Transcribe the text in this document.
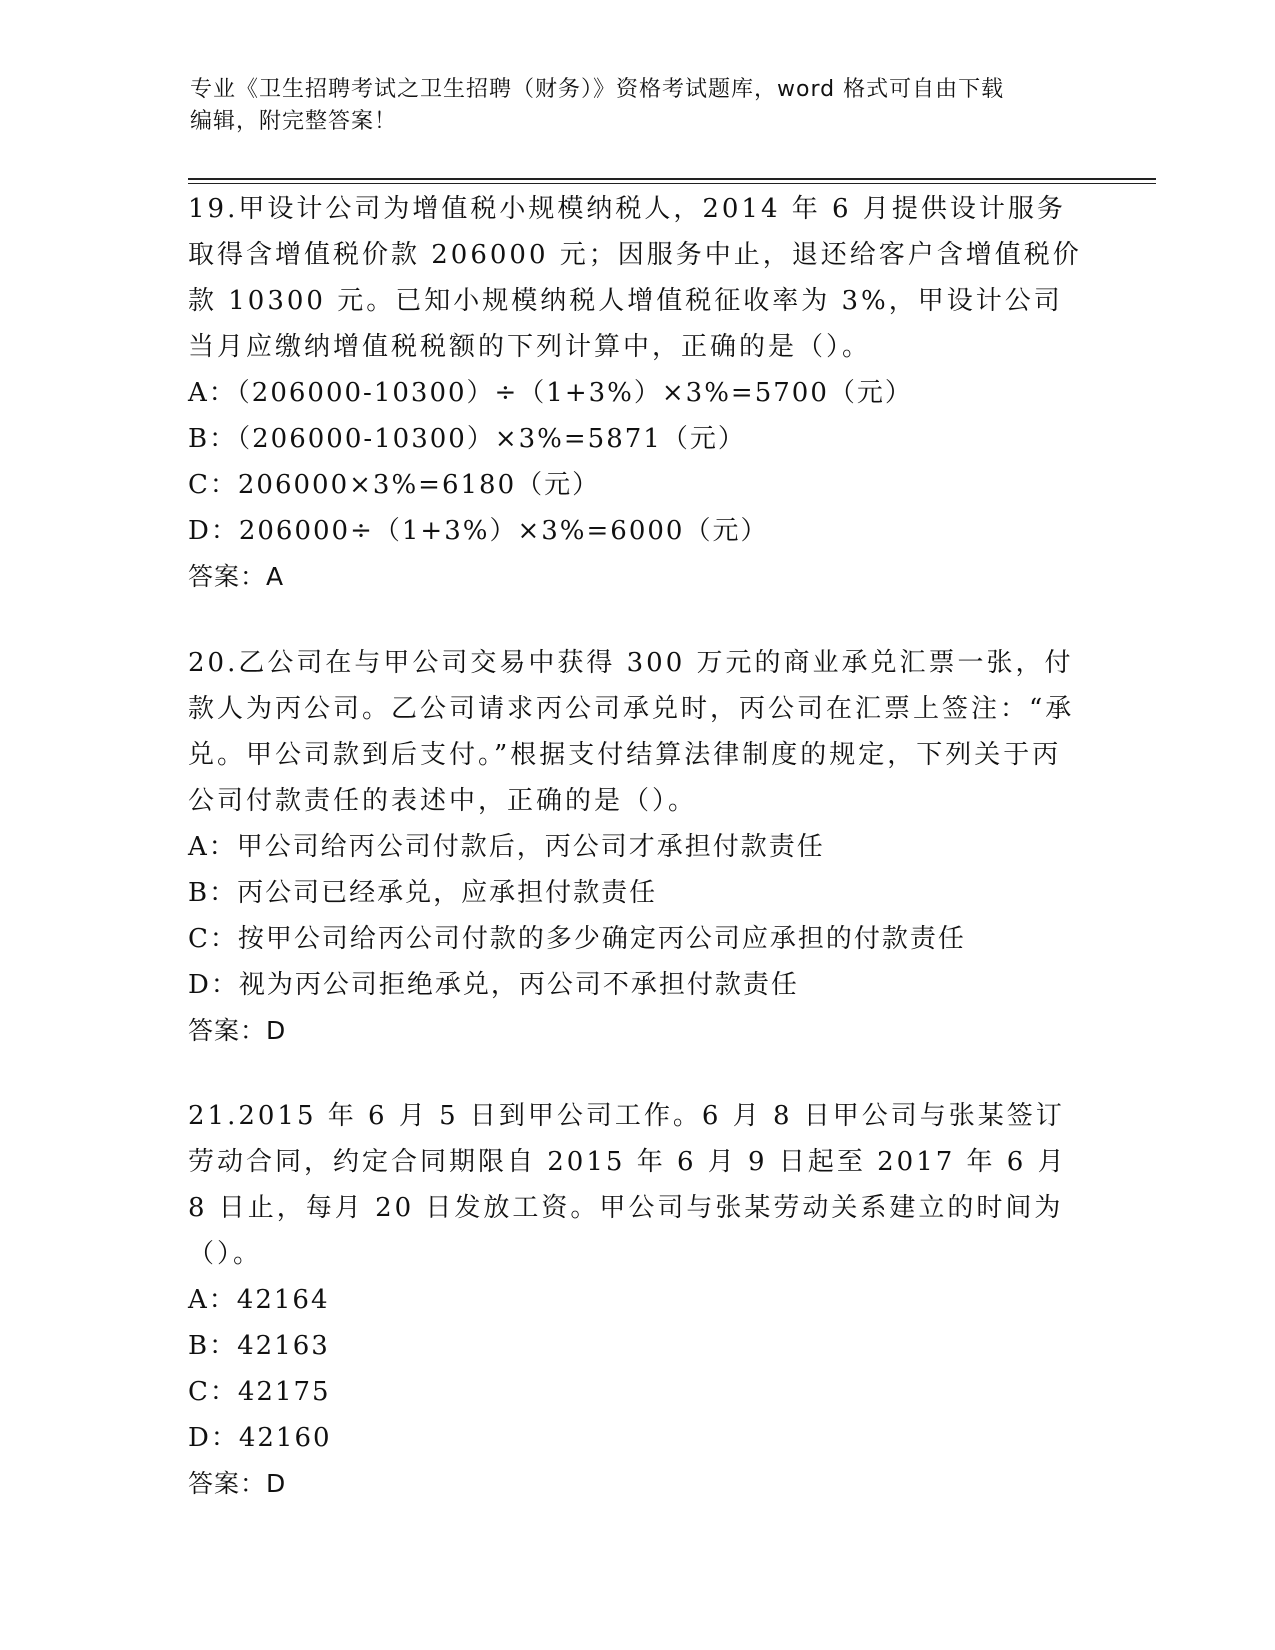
专业《卫生招聘考试之卫生招聘（财务）》资格考试题库，word 格式可自由下载
编辑，附完整答案！

19.甲设计公司为增值税小规模纳税人，2014 年 6 月提供设计服务取得含增值税价款 206000 元；因服务中止，退还给客户含增值税价款 10300 元。已知小规模纳税人增值税征收率为 3%，甲设计公司当月应缴纳增值税税额的下列计算中，正确的是（）。

A：（206000-10300）÷（1+3%）×3%=5700（元）

B：（206000-10300）×3%=5871（元）

C：206000×3%=6180（元）

D：206000÷（1+3%）×3%=6000（元）

答案：A

20.乙公司在与甲公司交易中获得 300 万元的商业承兑汇票一张，付款人为丙公司。乙公司请求丙公司承兑时，丙公司在汇票上签注：“承兑。甲公司款到后支付。”根据支付结算法律制度的规定，下列关于丙公司付款责任的表述中，正确的是（）。

A：甲公司给丙公司付款后，丙公司才承担付款责任

B：丙公司已经承兑，应承担付款责任

C：按甲公司给丙公司付款的多少确定丙公司应承担的付款责任

D：视为丙公司拒绝承兑，丙公司不承担付款责任

答案：D

21.2015 年 6 月 5 日到甲公司工作。6 月 8 日甲公司与张某签订劳动合同，约定合同期限自 2015 年 6 月 9 日起至 2017 年 6 月 8 日止，每月 20 日发放工资。甲公司与张某劳动关系建立的时间为（）。

A：42164

B：42163

C：42175

D：42160

答案：D
